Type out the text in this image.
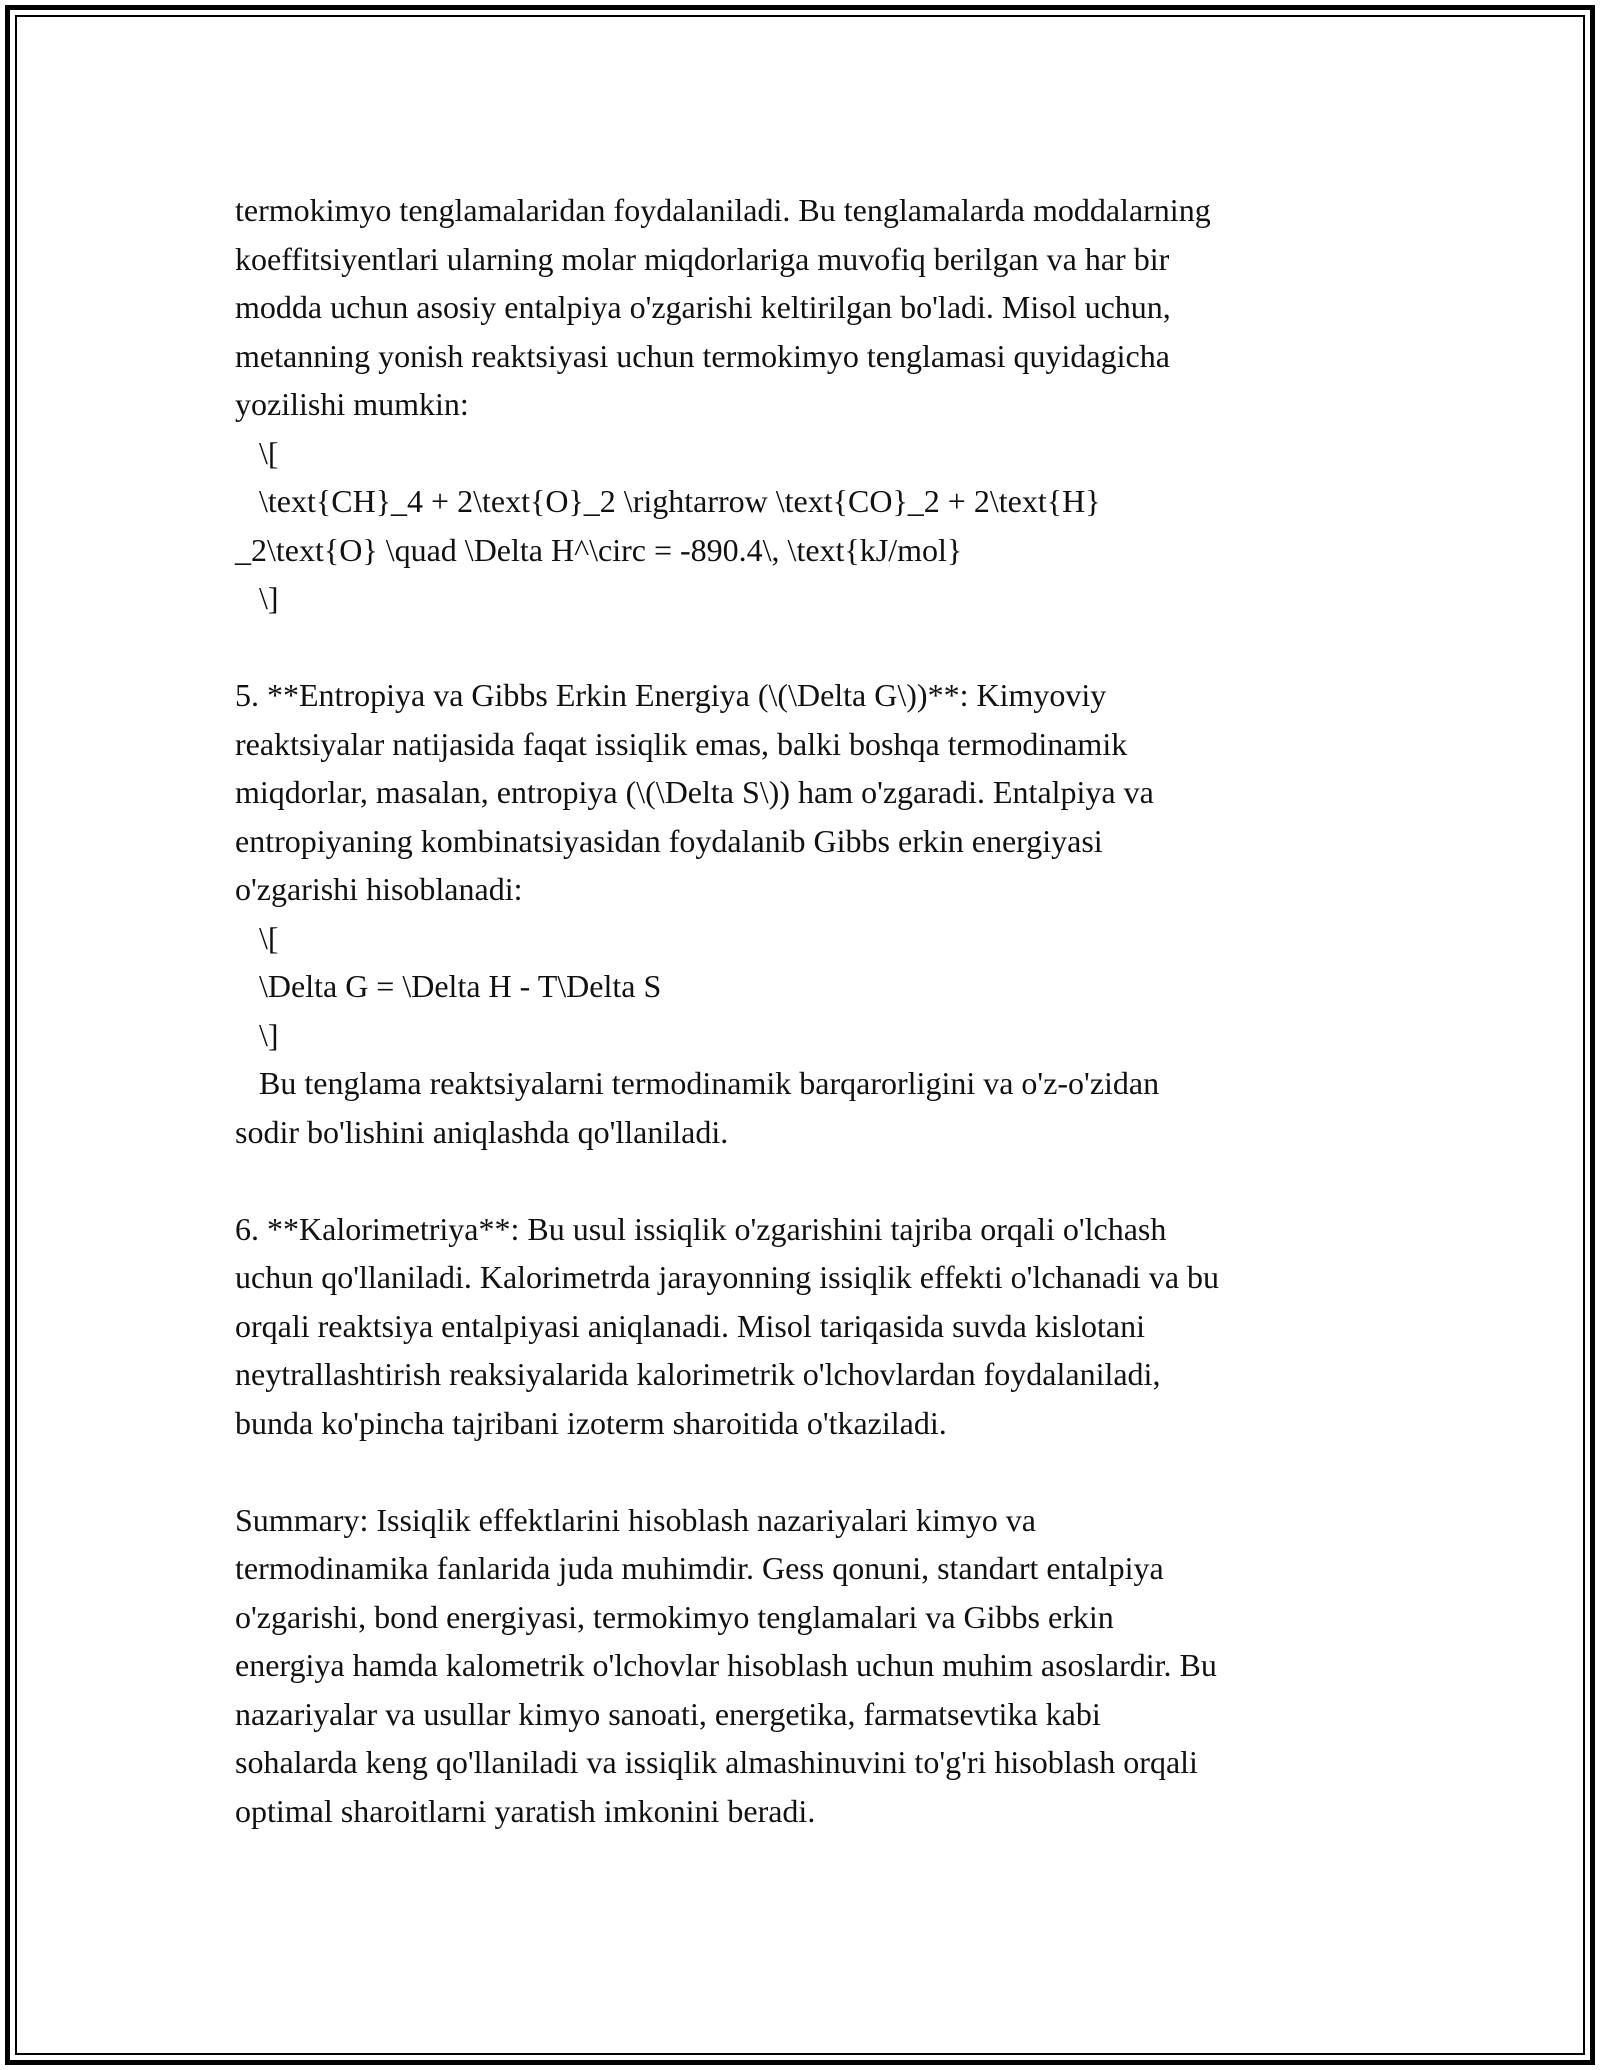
termokimyo tenglamalaridan foydalaniladi. Bu tenglamalarda moddalarning
koeffitsiyentlari ularning molar miqdorlariga muvofiq berilgan va har bir
modda uchun asosiy entalpiya o'zgarishi keltirilgan bo'ladi. Misol uchun,
metanning yonish reaktsiyasi uchun termokimyo tenglamasi quyidagicha
yozilishi mumkin:
\[
\text{CH}_4 + 2\text{O}_2 \rightarrow \text{CO}_2 + 2\text{H}
_2\text{O} \quad \Delta H^\circ = -890.4\, \text{kJ/mol}
\]
5. **Entropiya va Gibbs Erkin Energiya (\(\Delta G\))**: Kimyoviy
reaktsiyalar natijasida faqat issiqlik emas, balki boshqa termodinamik
miqdorlar, masalan, entropiya (\(\Delta S\)) ham o'zgaradi. Entalpiya va
entropiyaning kombinatsiyasidan foydalanib Gibbs erkin energiyasi
o'zgarishi hisoblanadi:
\[
\Delta G = \Delta H - T\Delta S
\]
Bu tenglama reaktsiyalarni termodinamik barqarorligini va o'z-o'zidan
sodir bo'lishini aniqlashda qo'llaniladi.
6. **Kalorimetriya**: Bu usul issiqlik o'zgarishini tajriba orqali o'lchash
uchun qo'llaniladi. Kalorimetrda jarayonning issiqlik effekti o'lchanadi va bu
orqali reaktsiya entalpiyasi aniqlanadi. Misol tariqasida suvda kislotani
neytrallashtirish reaksiyalarida kalorimetrik o'lchovlardan foydalaniladi,
bunda ko'pincha tajribani izoterm sharoitida o'tkaziladi.
Summary: Issiqlik effektlarini hisoblash nazariyalari kimyo va
termodinamika fanlarida juda muhimdir. Gess qonuni, standart entalpiya
o'zgarishi, bond energiyasi, termokimyo tenglamalari va Gibbs erkin
energiya hamda kalometrik o'lchovlar hisoblash uchun muhim asoslardir. Bu
nazariyalar va usullar kimyo sanoati, energetika, farmatsevtika kabi
sohalarda keng qo'llaniladi va issiqlik almashinuvini to'g'ri hisoblash orqali
optimal sharoitlarni yaratish imkonini beradi.
